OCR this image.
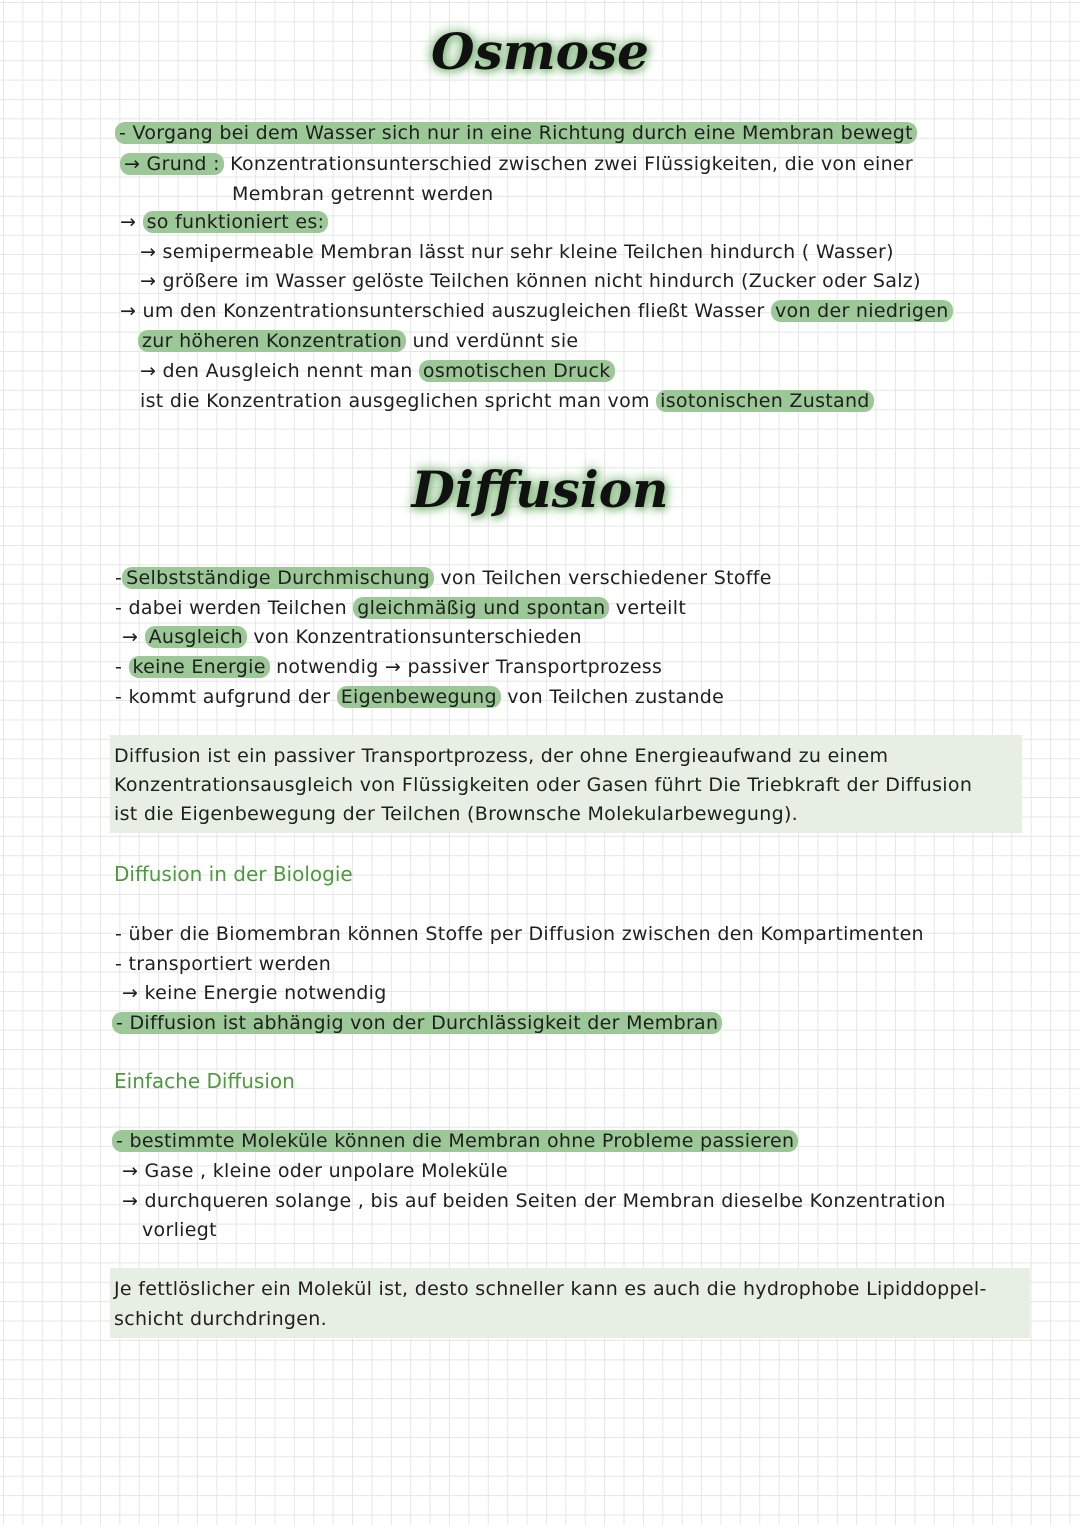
Osmose
- Vorgang bei dem Wasser sich nur in eine Richtung durch eine Membran bewegt
→ Grund : Konzentrationsunterschied zwischen zwei Flüssigkeiten, die von einer
Membran getrennt werden
→ so funktioniert es:
→ semipermeable Membran lässt nur sehr kleine Teilchen hindurch ( Wasser)
→ größere im Wasser gelöste Teilchen können nicht hindurch (Zucker oder Salz)
→ um den Konzentrationsunterschied auszugleichen fließt Wasser von der niedrigen
zur höheren Konzentration und verdünnt sie
→ den Ausgleich nennt man osmotischen Druck
ist die Konzentration ausgeglichen spricht man vom isotonischen Zustand
Diffusion
- Selbstständige Durchmischung von Teilchen verschiedener Stoffe
- dabei werden Teilchen gleichmäßig und spontan verteilt
→ Ausgleich von Konzentrationsunterschieden
- keine Energie notwendig → passiver Transportprozess
- kommt aufgrund der Eigenbewegung von Teilchen zustande
Diffusion ist ein passiver Transportprozess, der ohne Energieaufwand zu einem
Konzentrationsausgleich von Flüssigkeiten oder Gasen führt Die Triebkraft der Diffusion
ist die Eigenbewegung der Teilchen (Brownsche Molekularbewegung).
Diffusion in der Biologie
- über die Biomembran können Stoffe per Diffusion zwischen den Kompartimenten
- transportiert werden
→ keine Energie notwendig
- Diffusion ist abhängig von der Durchlässigkeit der Membran
Einfache Diffusion
- bestimmte Moleküle können die Membran ohne Probleme passieren
→ Gase , kleine oder unpolare Moleküle
→ durchqueren solange , bis auf beiden Seiten der Membran dieselbe Konzentration
vorliegt
Je fettlöslicher ein Molekül ist, desto schneller kann es auch die hydrophobe Lipiddoppel-
schicht durchdringen.
